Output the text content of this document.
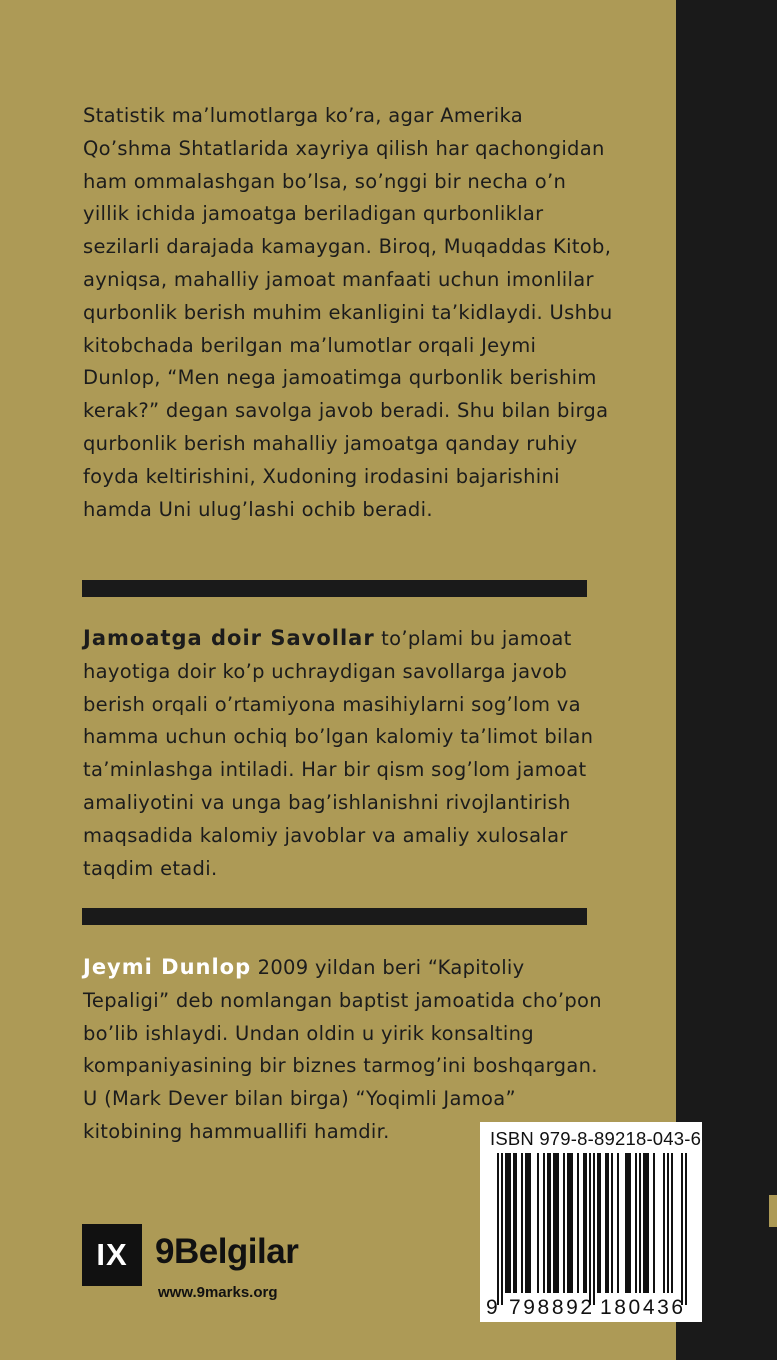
Statistik ma’lumotlarga ko’ra, agar Amerika Qo’shma Shtatlarida xayriya qilish har qachongidan ham ommalashgan bo’lsa, so’nggi bir necha o’n yillik ichida jamoatga beriladigan qurbonliklar sezilarli darajada kamaygan. Biroq, Muqaddas Kitob, ayniqsa, mahalliy jamoat manfaati uchun imonlilar qurbonlik berish muhim ekanligini ta’kidlaydi. Ushbu kitobchada berilgan ma’lumotlar orqali Jeymi Dunlop, “Men nega jamoatimga qurbonlik berishim kerak?” degan savolga javob beradi. Shu bilan birga qurbonlik berish mahalliy jamoatga qanday ruhiy foyda keltirishini, Xudoning irodasini bajarishini hamda Uni ulug’lashi ochib beradi.

Jamoatga doir Savollar to’plami bu jamoat hayotiga doir ko’p uchraydigan savollarga javob berish orqali o’rtamiyona masihiylarni sog’lom va hamma uchun ochiq bo’lgan kalomiy ta’limot bilan ta’minlashga intiladi. Har bir qism sog’lom jamoat amaliyotini va unga bag’ishlanishni rivojlantirish maqsadida kalomiy javoblar va amaliy xulosalar taqdim etadi.

Jeymi Dunlop 2009 yildan beri “Kapitoliy Tepaligi” deb nomlangan baptist jamoatida cho’pon bo’lib ishlaydi. Undan oldin u yirik konsalting kompaniyasining bir biznes tarmog’ini boshqargan. U (Mark Dever bilan birga) “Yoqimli Jamoa” kitobining hammuallifi hamdir.

IX 9Belgilar
www.9marks.org
ISBN 979-8-89218-043-6
9 798892 180436
